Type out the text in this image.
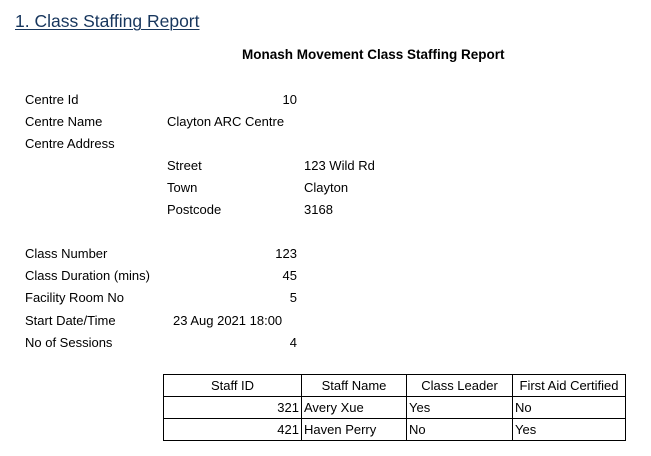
1. Class Staffing Report
Monash Movement Class Staffing Report
Centre Id	10
Centre Name	Clayton ARC Centre
Centre Address
Street	123 Wild Rd
Town	Clayton
Postcode	3168
Class Number	123
Class Duration (mins)	45
Facility Room No	5
Start Date/Time	23 Aug 2021 18:00
No of Sessions	4
Staff ID	Staff Name	Class Leader	First Aid Certified
321	Avery Xue	Yes	No
421	Haven Perry	No	Yes
